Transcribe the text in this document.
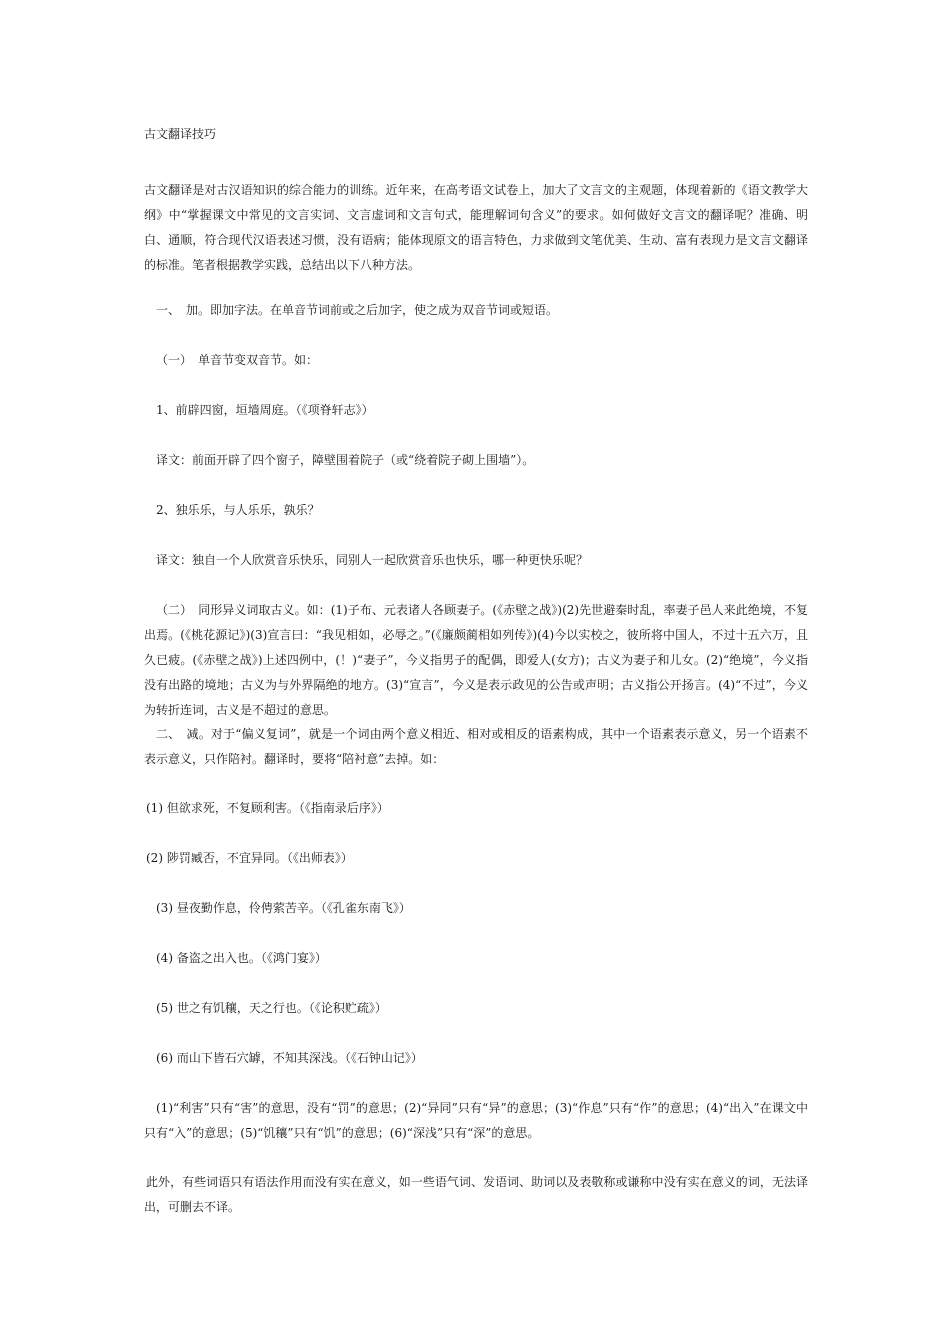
古文翻译技巧

古文翻译是对古汉语知识的综合能力的训练。近年来，在高考语文试卷上，加大了文言文的主观题，体现着新的《语文教学大纲》中“掌握课文中常见的文言实词、文言虚词和文言句式，能理解词句含义”的要求。如何做好文言文的翻译呢？准确、明白、通顺，符合现代汉语表述习惯，没有语病；能体现原文的语言特色，力求做到文笔优美、生动、富有表现力是文言文翻译的标准。笔者根据教学实践，总结出以下八种方法。

一、　加。即加字法。在单音节词前或之后加字，使之成为双音节词或短语。

（一）　单音节变双音节。如：

1、前辟四窗，垣墙周庭。（《项脊轩志》）

译文：前面开辟了四个窗子，障壁围着院子（或“绕着院子砌上围墙”）。

2、独乐乐，与人乐乐，孰乐？

译文：独自一个人欣赏音乐快乐，同别人一起欣赏音乐也快乐，哪一种更快乐呢？

（二）　同形异义词取古义。如：(1)子布、元表诸人各顾妻子。(《赤壁之战》)(2)先世避秦时乱，率妻子邑人来此绝境，不复出焉。(《桃花源记》)(3)宣言曰：“我见相如，必辱之。”(《廉颇蔺相如列传》)(4)今以实校之，彼所将中国人，不过十五六万，且久已疲。(《赤壁之战》)上述四例中，(！)“妻子”，今义指男子的配偶，即爱人(女方)；古义为妻子和儿女。(2)“绝境”，今义指没有出路的境地；古义为与外界隔绝的地方。(3)“宣言”，今义是表示政见的公告或声明；古义指公开扬言。(4)“不过”，今义为转折连词，古义是不超过的意思。

二、　减。对于“偏义复词”，就是一个词由两个意义相近、相对或相反的语素构成，其中一个语素表示意义，另一个语素不表示意义，只作陪衬。翻译时，要将“陪衬意”去掉。如：

(1) 但欲求死，不复顾利害。（《指南录后序》）

(2) 陟罚臧否，不宜异同。（《出师表》）

(3) 昼夜勤作息，伶俜萦苦辛。（《孔雀东南飞》）

(4) 备盗之出入也。（《鸿门宴》）

(5) 世之有饥穰，天之行也。（《论积贮疏》）

(6) 而山下皆石穴罅，不知其深浅。（《石钟山记》）

(1)“利害”只有“害”的意思，没有“罚”的意思；(2)“异同”只有“异”的意思；(3)“作息”只有“作”的意思；(4)“出入”在课文中只有“入”的意思；(5)“饥穰”只有“饥”的意思；(6)“深浅”只有“深”的意思。

此外，有些词语只有语法作用而没有实在意义，如一些语气词、发语词、助词以及表敬称或谦称中没有实在意义的词，无法译出，可删去不译。
